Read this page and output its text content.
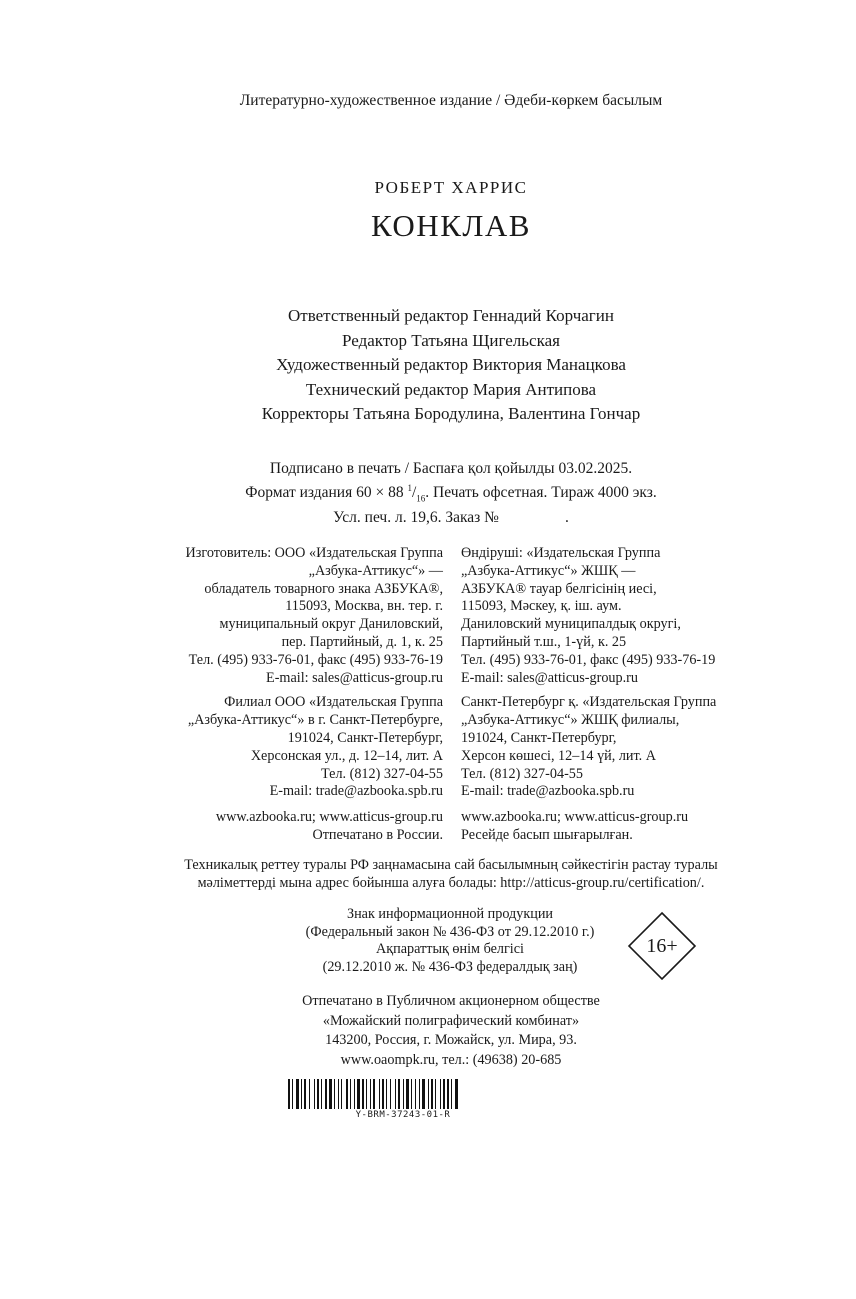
Литературно-художественное издание / Әдеби-көркем басылым
РОБЕРТ ХАРРИС
КОНКЛАВ
Ответственный редактор Геннадий Корчагин
Редактор Татьяна Щигельская
Художественный редактор Виктория Манацкова
Технический редактор Мария Антипова
Корректоры Татьяна Бородулина, Валентина Гончар
Подписано в печать / Баспаға қол қойылды 03.02.2025.
Формат издания 60 × 88 $^1/_{16}$. Печать офсетная. Тираж 4000 экз.
Усл. печ. л. 19,6. Заказ №	.
Изготовитель: ООО «Издательская Группа
„Азбука-Аттикус“» —
обладатель товарного знака АЗБУКА®,
115093, Москва, вн. тер. г.
муниципальный округ Даниловский,
пер. Партийный, д. 1, к. 25
Тел. (495) 933-76-01, факс (495) 933-76-19
E-mail: sales@atticus-group.ru
Филиал ООО «Издательская Группа
„Азбука-Аттикус“» в г. Санкт-Петербурге,
191024, Санкт-Петербург,
Херсонская ул., д. 12–14, лит. А
Тел. (812) 327-04-55
E-mail: trade@azbooka.spb.ru
www.azbooka.ru; www.atticus-group.ru
Отпечатано в России.
Өндіруші: «Издательская Группа
„Азбука-Аттикус“» ЖШҚ —
АЗБУКА® тауар белгісінің иесі,
115093, Мәскеу, қ. іш. аум.
Даниловский муниципалдық округі,
Партийный т.ш., 1-үй, к. 25
Тел. (495) 933-76-01, факс (495) 933-76-19
E-mail: sales@atticus-group.ru
Санкт-Петербург қ. «Издательская Группа
„Азбука-Аттикус“» ЖШҚ филиалы,
191024, Санкт-Петербург,
Херсон көшесі, 12–14 үй, лит. А
Тел. (812) 327-04-55
E-mail: trade@azbooka.spb.ru
www.azbooka.ru; www.atticus-group.ru
Ресейде басып шығарылған.
Техникалық реттеу туралы РФ заңнамасына сай басылымның сәйкестігін растау туралы
мәліметтерді мына адрес бойынша алуға болады: http://atticus-group.ru/certification/.
Знак информационной продукции
(Федеральный закон № 436-ФЗ от 29.12.2010 г.)
Ақпараттық өнім белгісі
(29.12.2010 ж. № 436-ФЗ федералдық заң)
16+
Отпечатано в Публичном акционерном обществе
«Можайский полиграфический комбинат»
143200, Россия, г. Можайск, ул. Мира, 93.
www.oaompk.ru, тел.: (49638) 20-685
Y-BRM-37243-01-R
